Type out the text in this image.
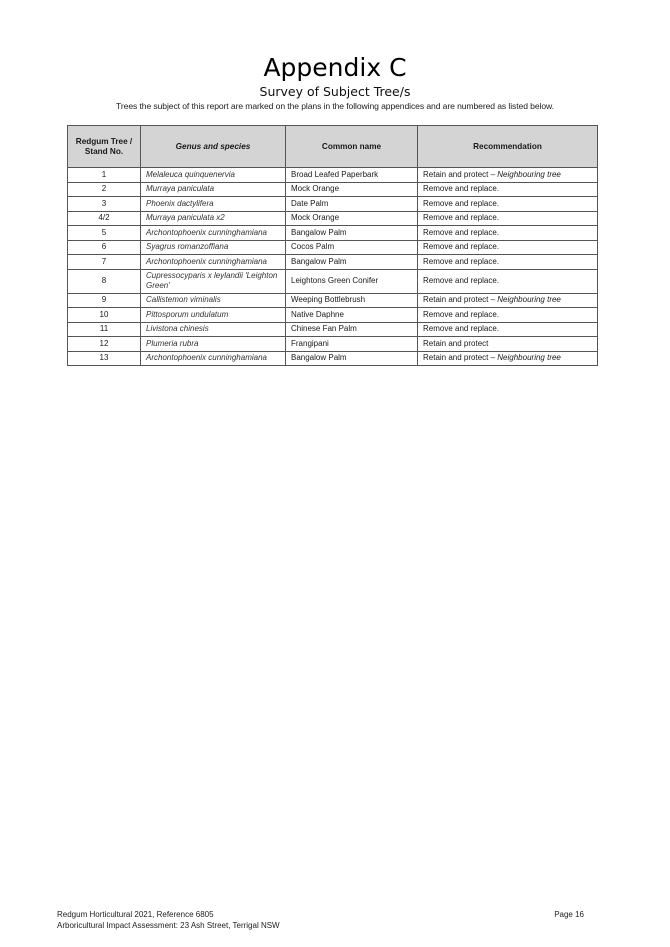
Appendix C
Survey of Subject Tree/s
Trees the subject of this report are marked on the plans in the following appendices and are numbered as listed below.
Redgum Tree / Stand No.	Genus and species	Common name	Recommendation
1	Melaleuca quinquenervia	Broad Leafed Paperbark	Retain and protect – Neighbouring tree
2	Murraya paniculata	Mock Orange	Remove and replace.
3	Phoenix dactylifera	Date Palm	Remove and replace.
4/2	Murraya paniculata x2	Mock Orange	Remove and replace.
5	Archontophoenix cunninghamiana	Bangalow Palm	Remove and replace.
6	Syagrus romanzoffiana	Cocos Palm	Remove and replace.
7	Archontophoenix cunninghamiana	Bangalow Palm	Remove and replace.
8	Cupressocyparis x leylandii 'Leighton Green'	Leightons Green Conifer	Remove and replace.
9	Callistemon viminalis	Weeping Bottlebrush	Retain and protect – Neighbouring tree
10	Pittosporum undulatum	Native Daphne	Remove and replace.
11	Livistona chinesis	Chinese Fan Palm	Remove and replace.
12	Plumeria rubra	Frangipani	Retain and protect
13	Archontophoenix cunninghamiana	Bangalow Palm	Retain and protect – Neighbouring tree
Redgum Horticultural 2021, Reference 6805
Arboricultural Impact Assessment: 23 Ash Street, Terrigal NSW
Page 16
